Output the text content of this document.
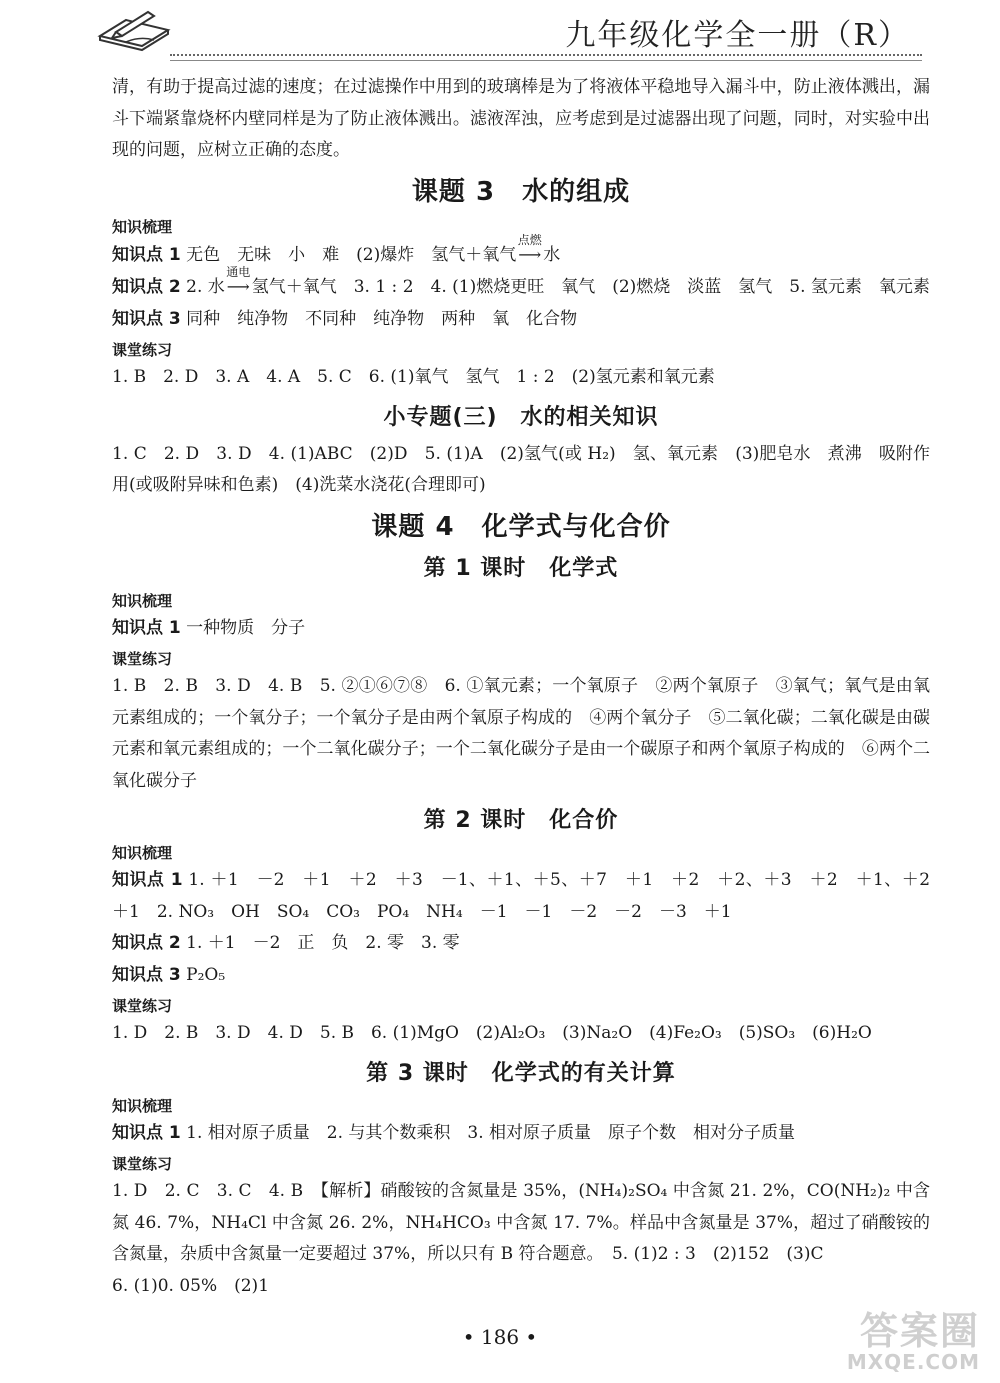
九年级化学全一册（R）

清，有助于提高过滤的速度；在过滤操作中用到的玻璃棒是为了将液体平稳地导入漏斗中，防止液体溅出，漏斗下端紧靠烧杯内壁同样是为了防止液体溅出。滤液浑浊，应考虑到是过滤器出现了问题，同时，对实验中出现的问题，应树立正确的态度。

课题 3　水的组成
知识梳理

知识点 1 无色　无味　小　难　(2)爆炸　氢气＋氧气
点燃
⟶ 水

知识点 2 2. 水
通电
⟶ 氢气＋氧气　3. 1 : 2　4. (1)燃烧更旺　氧气　(2)燃烧　淡蓝　氢气　5. 氢元素　氧元素

知识点 3 同种　纯净物　不同种　纯净物　两种　氧　化合物

课堂练习

1. B　2. D　3. A　4. A　5. C　6. (1)氧气　氢气　1 : 2　(2)氢元素和氧元素

小专题(三)　水的相关知识

1. C　2. D　3. D　4. (1)ABC　(2)D　5. (1)A　(2)氢气(或 H₂)　氢、氧元素　(3)肥皂水　煮沸　吸附作用(或吸附异味和色素)　(4)洗菜水浇花(合理即可)

课题 4　化学式与化合价
第 1 课时　化学式
知识梳理

知识点 1 一种物质　分子

课堂练习

1. B　2. B　3. D　4. B　5. ②①⑥⑦⑧　6. ①氧元素；一个氧原子　②两个氧原子　③氧气；氧气是由氧元素组成的；一个氧分子；一个氧分子是由两个氧原子构成的　④两个氧分子　⑤二氧化碳；二氧化碳是由碳元素和氧元素组成的；一个二氧化碳分子；一个二氧化碳分子是由一个碳原子和两个氧原子构成的　⑥两个二氧化碳分子

第 2 课时　化合价
知识梳理

知识点 1 1. ＋1　－2　＋1　＋2　＋3　－1、＋1、＋5、＋7　＋1　＋2　＋2、＋3　＋2　＋1、＋2　＋1　2. NO₃　OH　SO₄　CO₃　PO₄　NH₄　－1　－1　－2　－2　－3　＋1

知识点 2 1. ＋1　－2　正　负　2. 零　3. 零

知识点 3 P₂O₅

课堂练习

1. D　2. B　3. D　4. D　5. B　6. (1)MgO　(2)Al₂O₃　(3)Na₂O　(4)Fe₂O₃　(5)SO₃　(6)H₂O

第 3 课时　化学式的有关计算
知识梳理

知识点 1 1. 相对原子质量　2. 与其个数乘积　3. 相对原子质量　原子个数　相对分子质量

课堂练习

1. D　2. C　3. C　4. B　【解析】硝酸铵的含氮量是 35%，(NH₄)₂SO₄ 中含氮 21. 2%，CO(NH₂)₂ 中含氮 46. 7%，NH₄Cl 中含氮 26. 2%，NH₄HCO₃ 中含氮 17. 7%。样品中含氮量是 37%，超过了硝酸铵的含氮量，杂质中含氮量一定要超过 37%，所以只有 B 符合题意。　5. (1)2 : 3　(2)152　(3)C

6. (1)0. 05%　(2)1

• 186 •	答案圈
MXQE.COM
